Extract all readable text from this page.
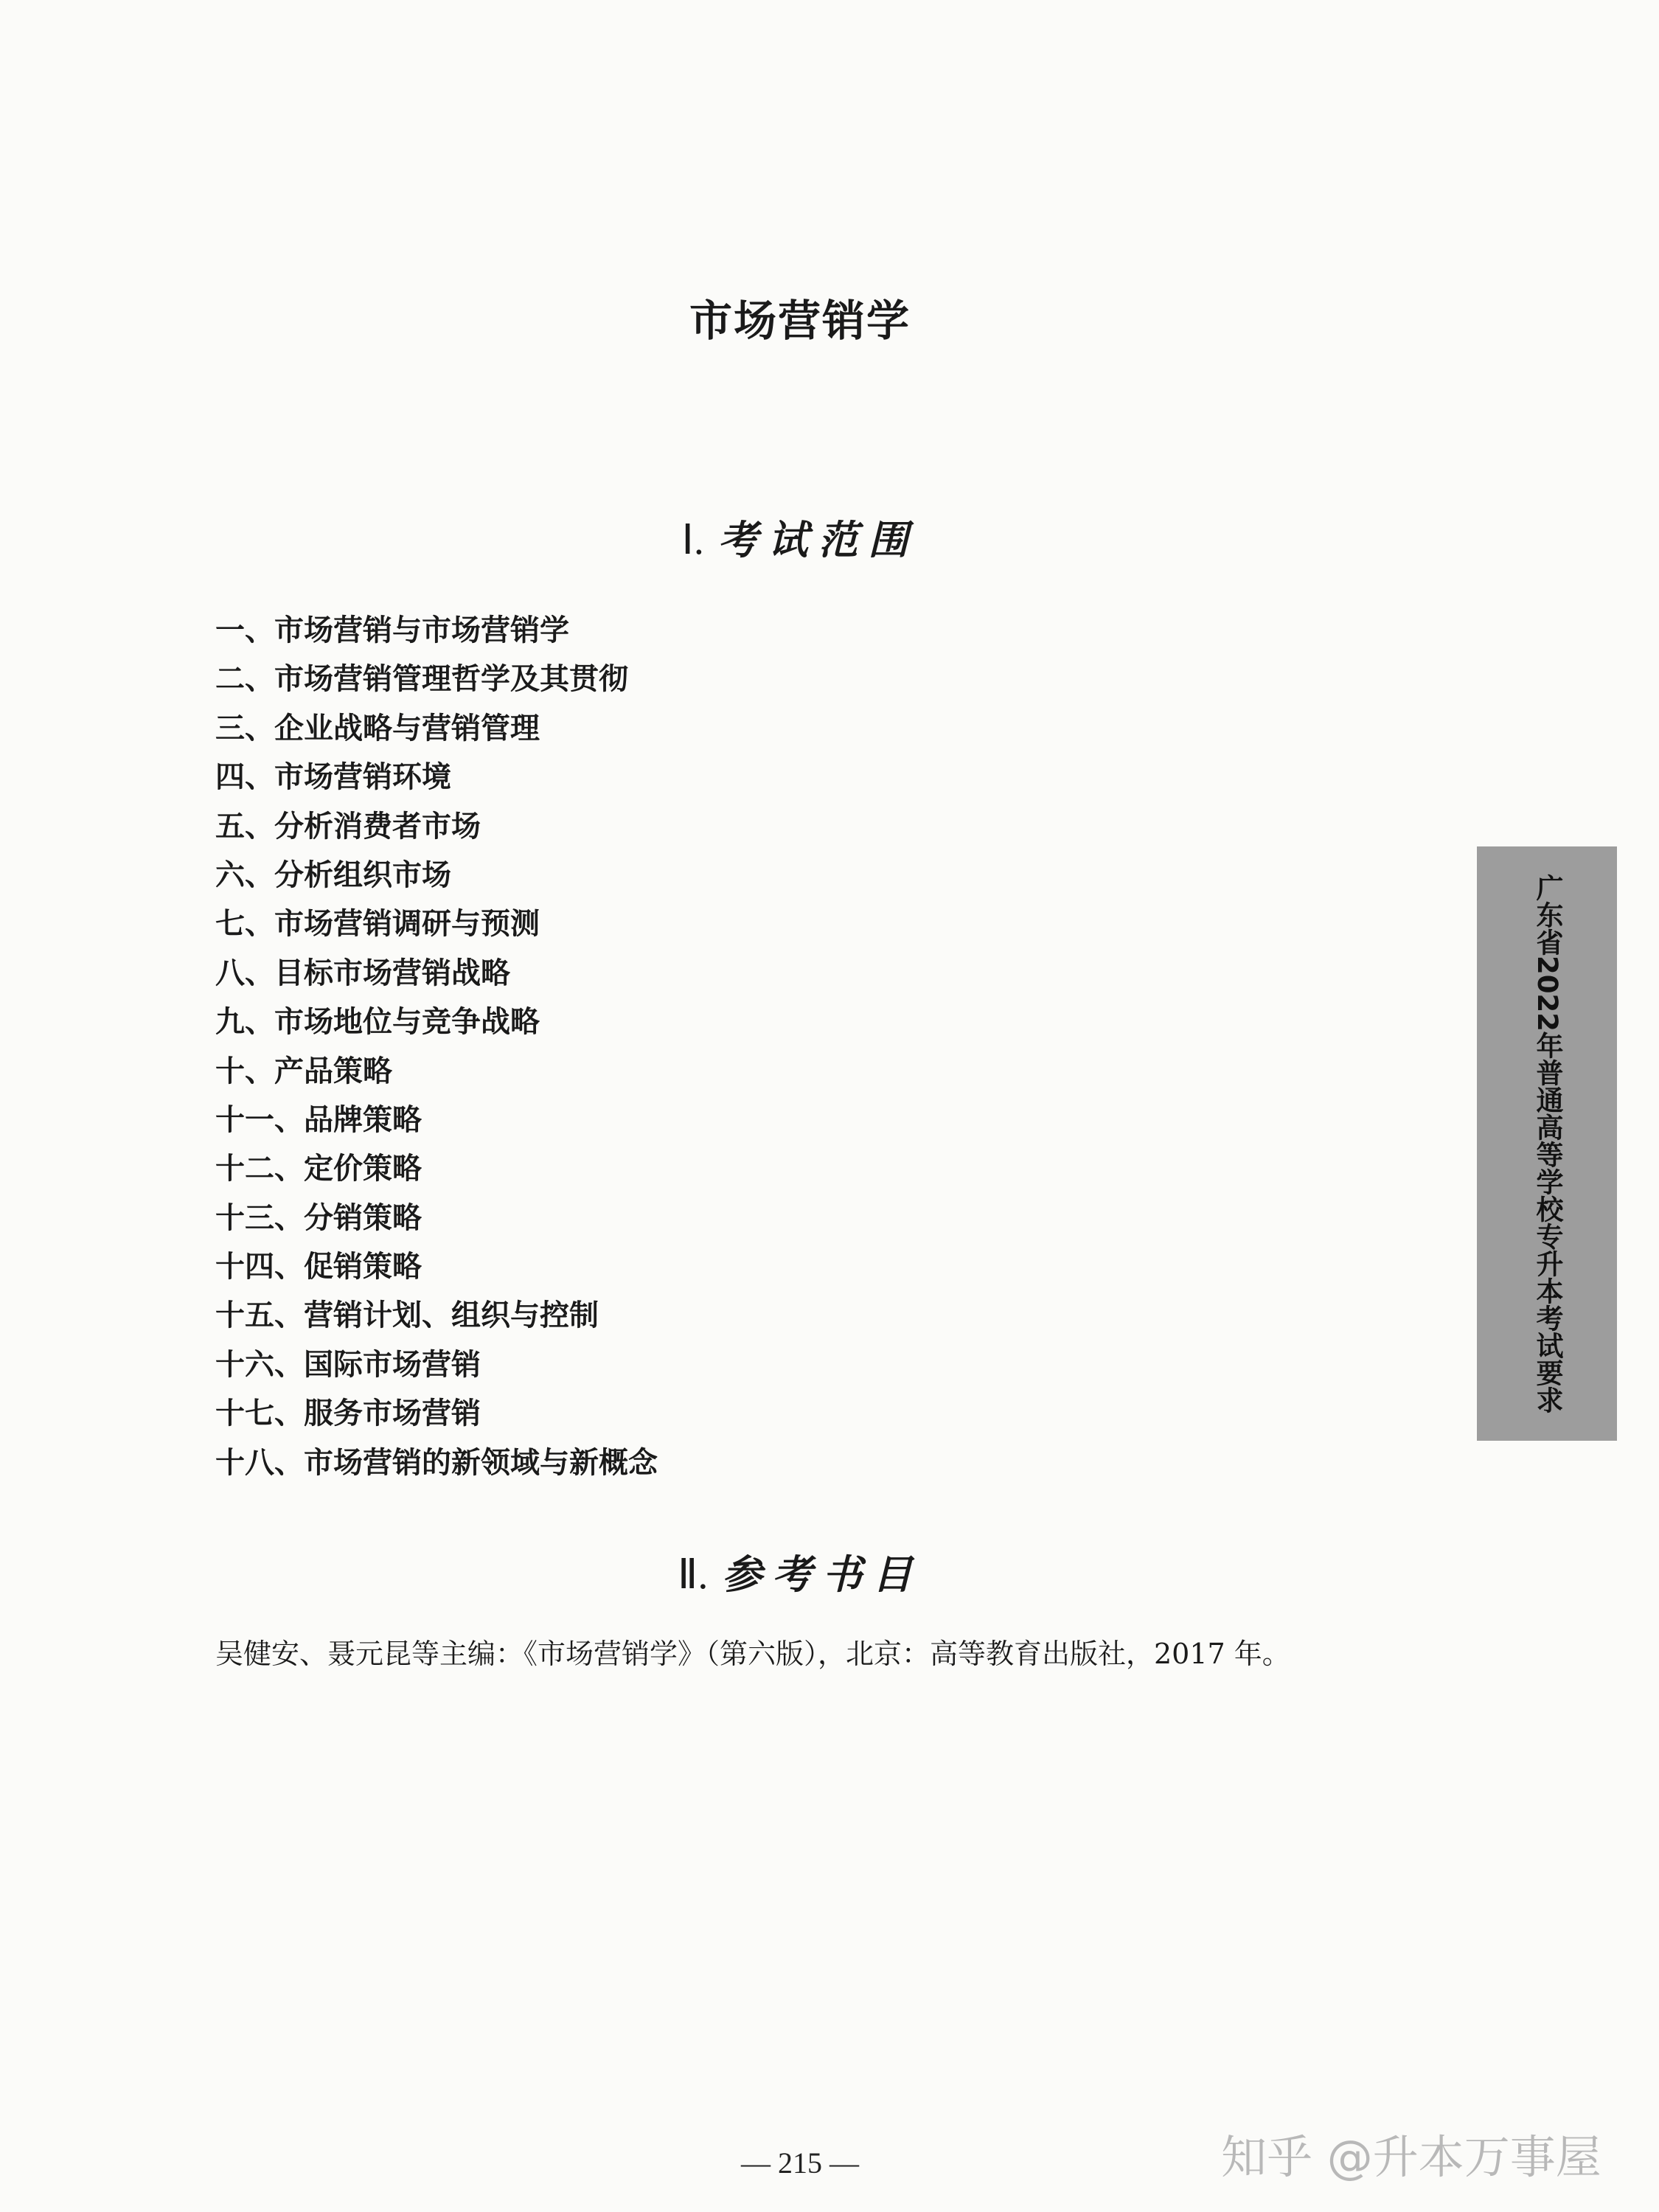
市场营销学
Ⅰ. 考试范围
一、市场营销与市场营销学
二、市场营销管理哲学及其贯彻
三、企业战略与营销管理
四、市场营销环境
五、分析消费者市场
六、分析组织市场
七、市场营销调研与预测
八、目标市场营销战略
九、市场地位与竞争战略
十、产品策略
十一、品牌策略
十二、定价策略
十三、分销策略
十四、促销策略
十五、营销计划、组织与控制
十六、国际市场营销
十七、服务市场营销
十八、市场营销的新领域与新概念
Ⅱ. 参考书目
吴健安、聂元昆等主编：《市场营销学》（第六版），北京：高等教育出版社，2017 年。
广东省2022年普通高等学校专升本考试要求
— 215 —	知乎 @升本万事屋
